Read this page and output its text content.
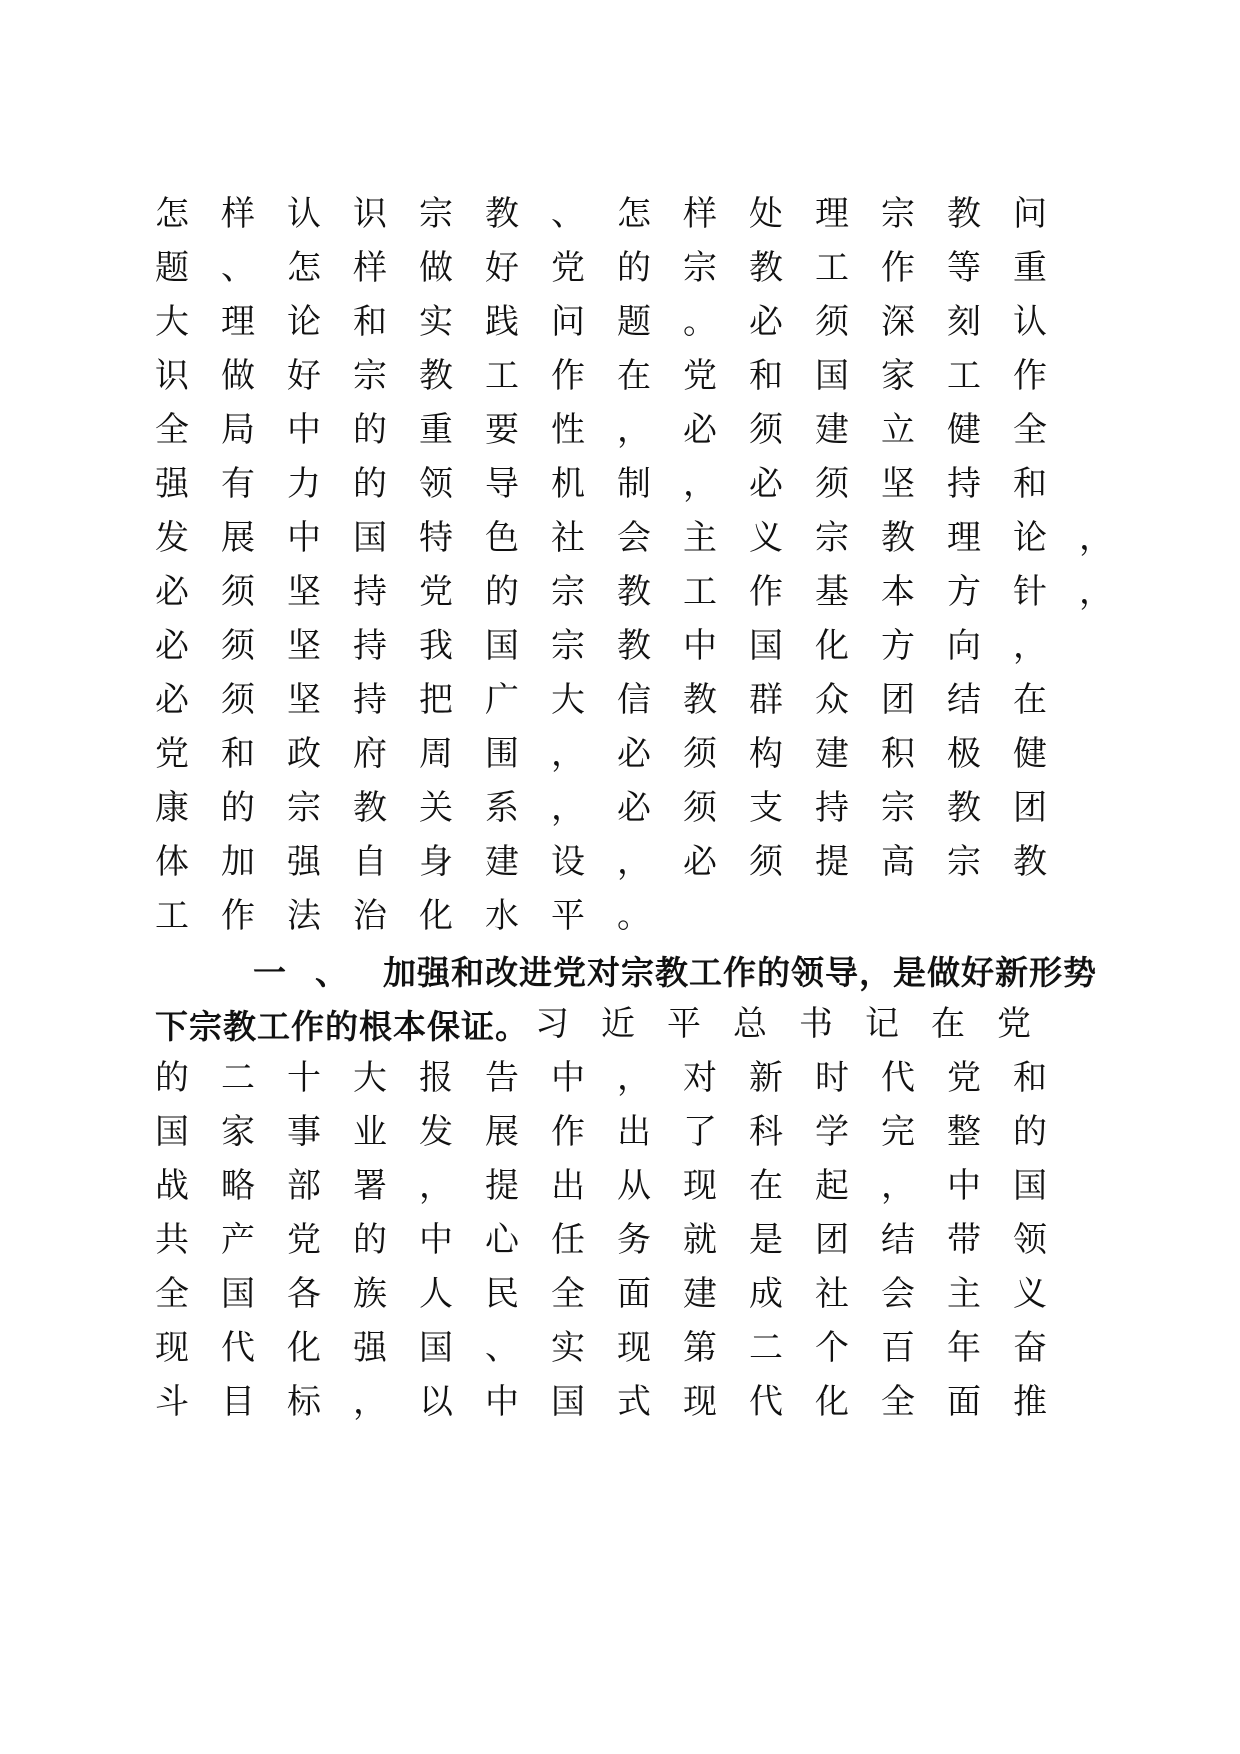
怎 样 认 识 宗 教 、 怎 样 处 理 宗 教 问
题 、 怎 样 做 好 党 的 宗 教 工 作 等 重
大 理 论 和 实 践 问 题 。 必 须 深 刻 认
识 做 好 宗 教 工 作 在 党 和 国 家 工 作
全 局 中 的 重 要 性 ， 必 须 建 立 健 全
强 有 力 的 领 导 机 制 ， 必 须 坚 持 和
发 展 中 国 特 色 社 会 主 义 宗 教 理 论 ，
必 须 坚 持 党 的 宗 教 工 作 基 本 方 针 ，
必 须 坚 持 我 国 宗 教 中 国 化 方 向 ，
必 须 坚 持 把 广 大 信 教 群 众 团 结 在
党 和 政 府 周 围 ， 必 须 构 建 积 极 健
康 的 宗 教 关 系 ， 必 须 支 持 宗 教 团
体 加 强 自 身 建 设 ， 必 须 提 高 宗 教
工 作 法 治 化 水 平 。
一 、	加强和改进党对宗教工作的领导，是做好新形势
下宗教工作的根本保证。 习 近 平 总 书 记 在 党
的 二 十 大 报 告 中 ， 对 新 时 代 党 和
国 家 事 业 发 展 作 出 了 科 学 完 整 的
战 略 部 署 ， 提 出 从 现 在 起 ， 中 国
共 产 党 的 中 心 任 务 就 是 团 结 带 领
全 国 各 族 人 民 全 面 建 成 社 会 主 义
现 代 化 强 国 、 实 现 第 二 个 百 年 奋
斗 目 标 ， 以 中 国 式 现 代 化 全 面 推
